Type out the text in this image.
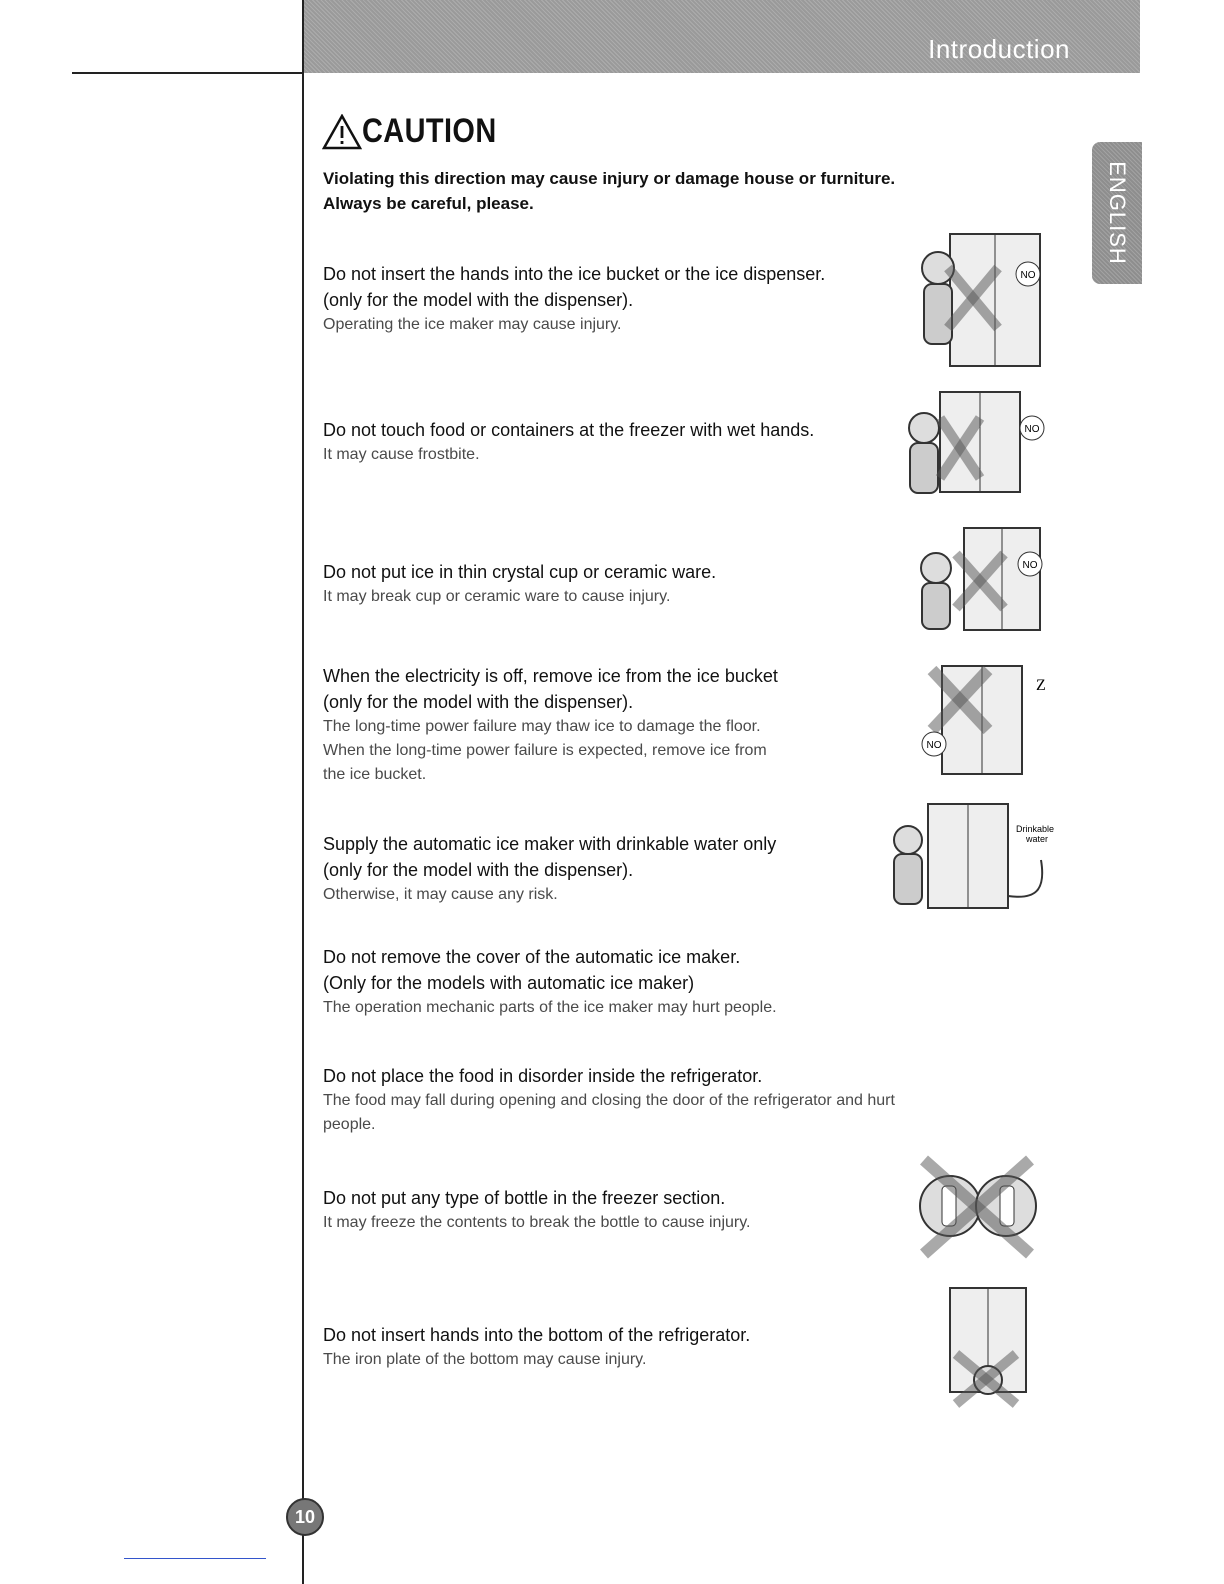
Introduction
ENGLISH
CAUTION
Violating this direction may cause injury or damage house or furniture.
Always be careful, please.
Do not insert the hands into the ice bucket or the ice dispenser.
(only for the model with the dispenser).
Operating the ice maker may cause injury.
NO
Do not touch food or containers at the freezer with wet hands.
It may cause frostbite.
NO
Do not put ice in thin crystal cup or ceramic ware.
It may break cup or ceramic ware to cause injury.
NO
When the electricity is off, remove ice from the ice bucket
(only for the model with the dispenser).
The long-time power failure may thaw ice to damage the floor.
When the long-time power failure is expected, remove ice from
the ice bucket.
Z
NO
Supply the automatic ice maker with drinkable water only
(only for the model with the dispenser).
Otherwise, it may cause any risk.
Drinkable
water
Do not remove the cover of the automatic ice maker.
(Only for the models with automatic ice maker)
The operation mechanic parts of the ice maker may hurt people.
Do not place the food in disorder inside the refrigerator.
The food may fall during opening and closing the door of the refrigerator and hurt
people.
Do not put any type of bottle in the freezer section.
It may freeze the contents to break the bottle to cause injury.
Do not insert hands into the bottom of the refrigerator.
The iron plate of the bottom may cause injury.
10
